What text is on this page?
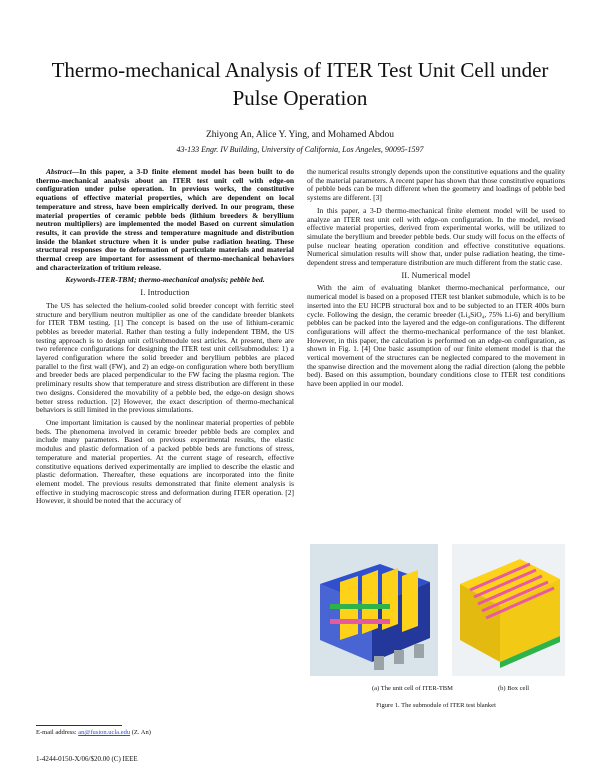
Thermo-mechanical Analysis of ITER Test Unit Cell under Pulse Operation
Zhiyong An, Alice Y. Ying, and Mohamed Abdou
43-133 Engr. IV Building, University of California, Los Angeles, 90095-1597

Abstract—In this paper, a 3-D finite element model has been built to do thermo-mechanical analysis about an ITER test unit cell with edge-on configuration under pulse operation. In previous works, the constitutive equations of effective material properties, which are dependent on local temperature and stress, have been empirically derived. In our program, these material properties of ceramic pebble beds (lithium breeders & beryllium neutron multipliers) are implemented the model Based on current simulation results, it can provide the stress and temperature magnitude and distribution inside the blanket structure when it is under pulse radiation heating. These structural responses due to deformation of particulate materials and material thermal creep are important for assessment of thermo-mechanical behaviors and characterization of tritium release.

Keywords-ITER-TBM; thermo-mechanical analysis; pebble bed.

I. Introduction

The US has selected the helium-cooled solid breeder concept with ferritic steel structure and beryllium neutron multiplier as one of the candidate breeder blankets for ITER TBM testing. [1] The concept is based on the use of lithium-ceramic pebbles as breeder material. Rather than testing a fully independent TBM, the US testing approach is to design unit cell/submodule test articles. At present, there are two reference configurations for designing the ITER test unit cell/submodules: 1) a layered configuration where the solid breeder and beryllium pebbles are placed parallel to the first wall (FW), and 2) an edge-on configuration where both beryllium and breeder beds are placed perpendicular to the FW facing the plasma region. The preliminary results show that temperature and stress distribution are different in these two designs. Considered the movability of a pebble bed, the edge-on design shows better stress reduction. [2] However, the exact description of thermo-mechanical behaviors is still limited in the previous simulations.

One important limitation is caused by the nonlinear material properties of pebble beds. The phenomena involved in ceramic breeder pebble beds are complex and include many parameters. Based on previous experimental results, the elastic modulus and plastic deformation of a packed pebble beds are functions of stress, temperature and material properties. At the current stage of research, effective constitutive equations derived experimentally are implied to describe the elastic and plastic deformation. Thereafter, these equations are incorporated into the finite element model. The previous results demonstrated that finite element analysis is effective in studying macroscopic stress and deformation during ITER operation. [2] However, it should be noted that the accuracy of

the numerical results strongly depends upon the constitutive equations and the quality of the material parameters. A recent paper has shown that those constitutive equations of pebble beds can be much different when the geometry and loadings of pebble bed systems are different. [3]

In this paper, a 3-D thermo-mechanical finite element model will be used to analyze an ITER test unit cell with edge-on configuration. In the model, revised effective material properties, derived from experimental works, will be utilized to simulate the beryllium and breeder pebble beds. Our study will focus on the effects of pulse nuclear heating operation condition and effective constitutive equations. Numerical simulation results will show that, under pulse radiation heating, the time-dependent stress and temperature distribution are much different from the static case.

II. Numerical model

With the aim of evaluating blanket thermo-mechanical performance, our numerical model is based on a proposed ITER test blanket submodule, which is to be inserted into the EU HCPB structural box and to be subjected to an ITER 400s burn cycle. Following the design, the ceramic breeder (Li₄SiO₄, 75% Li-6) and beryllium pebbles can be packed into the layered and the edge-on configurations. The different configurations will affect the thermo-mechanical performance of the test blanket. However, in this paper, the calculation is performed on an edge-on configuration, as shown in Fig. 1. [4] One basic assumption of our finite element model is that the vertical movement of the structures can be neglected compared to the movement in the spanwise direction and the movement along the radial direction (along the pebble bed). Based on this assumption, boundary conditions close to ITER test conditions have been applied in our model.

(a) The unit cell of ITER-TBM	(b) Box cell
Figure 1. The submodule of ITER test blanket
E-mail address: an@fusion.ucla.edu (Z. An)
1-4244-0150-X/06/$20.00 (C) IEEE
